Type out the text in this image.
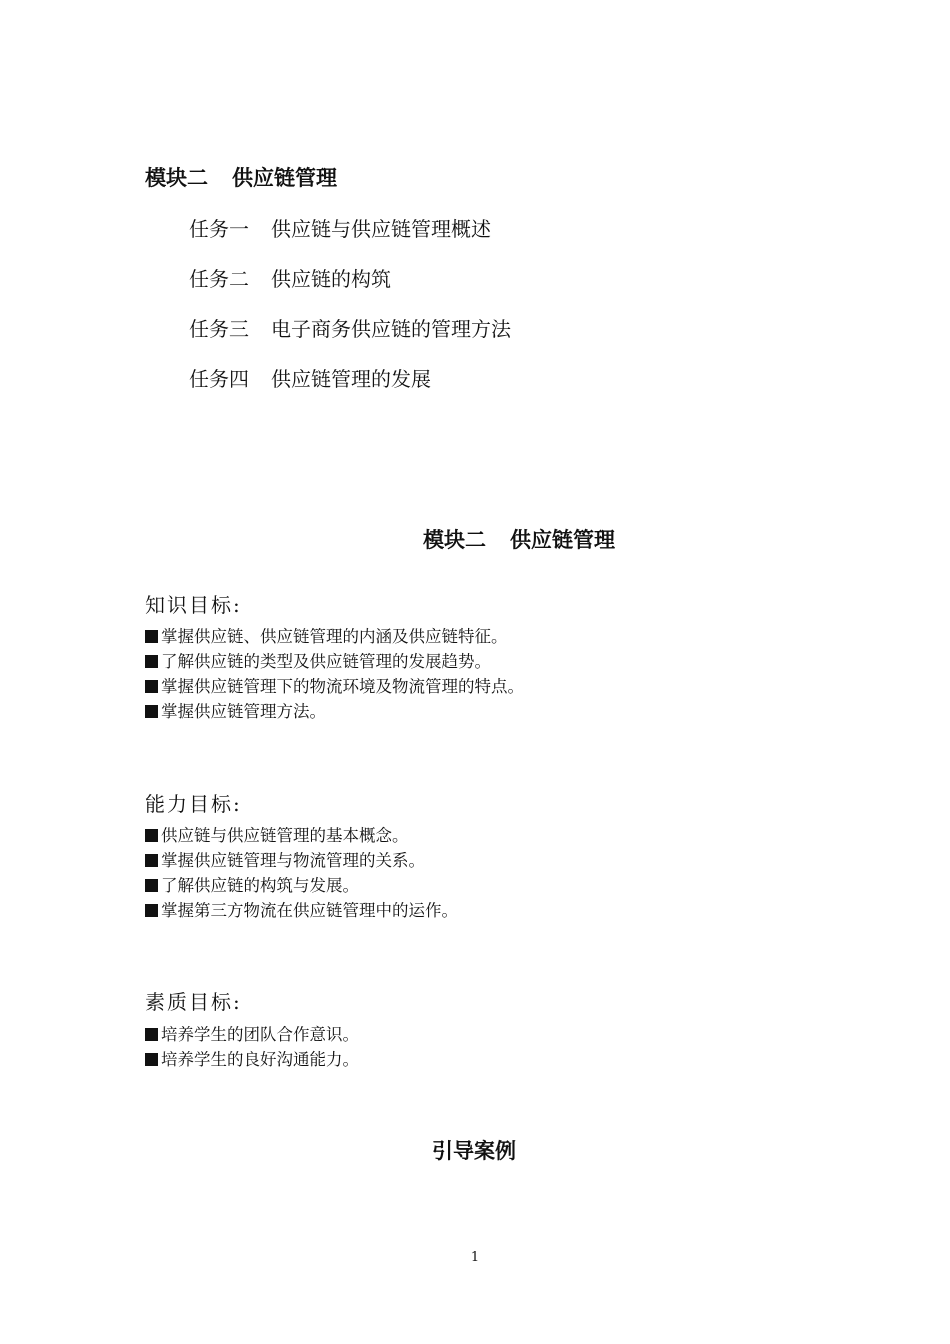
模块二 供应链管理
任务一 供应链与供应链管理概述
任务二 供应链的构筑
任务三 电子商务供应链的管理方法
任务四 供应链管理的发展
模块二 供应链管理
知识目标:
掌握供应链、供应链管理的内涵及供应链特征。
了解供应链的类型及供应链管理的发展趋势。
掌握供应链管理下的物流环境及物流管理的特点。
掌握供应链管理方法。
能力目标:
供应链与供应链管理的基本概念。
掌握供应链管理与物流管理的关系。
了解供应链的构筑与发展。
掌握第三方物流在供应链管理中的运作。
素质目标:
培养学生的团队合作意识。
培养学生的良好沟通能力。
引导案例
1
